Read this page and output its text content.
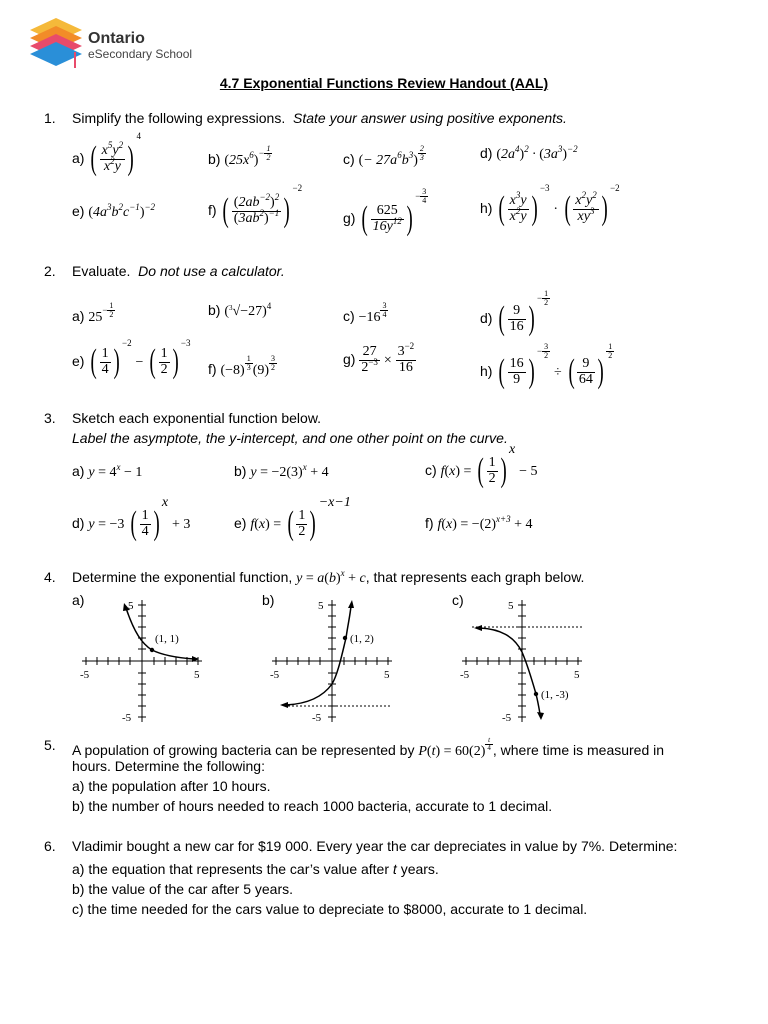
Ontario
eSecondary School
4.7 Exponential Functions Review Handout (AAL)
1. Simplify the following expressions. State your answer using positive exponents.
a) ( $\frac{x^5y^2}{x^2y} )^4$
b) $(25x^6)^{- \frac{1}{2}}$	c) (− $27a^6b^3$) $^{\frac{2}{3}}$	d) $(2a^4)^2 \cdot (3a^3)^{-2}$
e) $(4a^3b^2c^{-1})^{-2}$	f) ( $\frac{(2ab^{-2})^2}{(3ab^2)^{-1}} )^{-2}$
g) ( $\frac{625}{16y^{12}} )^{- \frac{3}{4}}$
h) ( $\frac{x^3y}{x^2y} )^{-3}$ · ( $\frac{x^2y^2}{xy^3} )^{-2}$
2. Evaluate. Do not use a calculator.
a) $25^{- \frac{1}{2}}$	b) $(^3√-27)^4$
c) −16 $^{\frac{3}{4}}$	d) ( $\frac{9}{16} )^{- \frac{1}{2}}$
e) ( $\frac{1}{4} )^{-2}$ − ( $\frac{1}{2} )^{-3}$
f) (−8) $^{\frac{1}{3}}$ (9) $^{\frac{3}{2}}$	$g) \frac{27}{2^{-3}} \times \frac{3^{-2}}{16}$	h) ( $\frac{16}{9} )^{- \frac{3}{2}}$
÷ ( $\frac{9}{64}$ )
$^{\frac{1}{2}}$
3. Sketch each exponential function below.
Label the asymptote, the y-intercept, and one other point on the curve.
a) $y = 4^x - 1$	b) $y = -2(3)^x + 4$	c) f(x) = ( $\frac{1}{2} )^x - 5$
d) y = −3 ( $\frac{1}{4} )^x + 3$	e) f(x) = ( $\frac{1}{2} )^{-x-1}$
f) $f(x) = -(2)^{x+3} + 4$
4. Determine the exponential function, $y = a(b)^x + c$, that represents each graph below.
a)	b)	c)
(1, 1)
-5	5
5
-5
(1, 2)
-5	5
5
-5
(1, -3)
-5	5
5
-5
5. A population of growing bacteria can be represented by P(t) = 60(2) $^{\frac{t}{4}}$ , where time is measured in
hours. Determine the following:
a) the population after 10 hours.
b) the number of hours needed to reach 1000 bacteria, accurate to 1 decimal.
6. Vladimir bought a new car for $19 000. Every year the car depreciates in value by 7%. Determine:
a) the equation that represents the car’s value after t years.
b) the value of the car after 5 years.
c) the time needed for the cars value to depreciate to $8000, accurate to 1 decimal.
